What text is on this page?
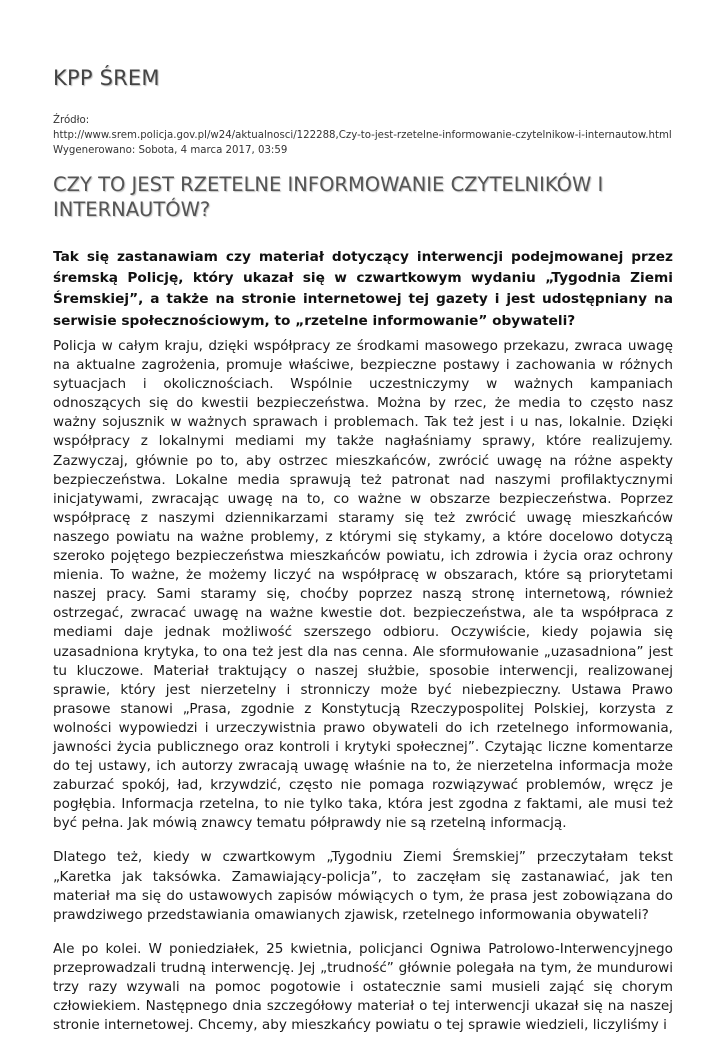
KPP ŚREM
Źródło:
http://www.srem.policja.gov.pl/w24/aktualnosci/122288,Czy-to-jest-rzetelne-informowanie-czytelnikow-i-internautow.html
Wygenerowano: Sobota, 4 marca 2017, 03:59
CZY TO JEST RZETELNE INFORMOWANIE CZYTELNIKÓW I INTERNAUTÓW?

Tak się zastanawiam czy materiał dotyczący interwencji podejmowanej przez śremską Policję, który ukazał się w czwartkowym wydaniu „Tygodnia Ziemi Śremskiej”, a także na stronie internetowej tej gazety i jest udostępniany na serwisie społecznościowym, to „rzetelne informowanie” obywateli?

Policja w całym kraju, dzięki współpracy ze środkami masowego przekazu, zwraca uwagę na aktualne zagrożenia, promuje właściwe, bezpieczne postawy i zachowania w różnych sytuacjach i okolicznościach. Wspólnie uczestniczymy w ważnych kampaniach odnoszących się do kwestii bezpieczeństwa. Można by rzec, że media to często nasz ważny sojusznik w ważnych sprawach i problemach. Tak też jest i u nas, lokalnie. Dzięki współpracy z lokalnymi mediami my także nagłaśniamy sprawy, które realizujemy. Zazwyczaj, głównie po to, aby ostrzec mieszkańców, zwrócić uwagę na różne aspekty bezpieczeństwa. Lokalne media sprawują też patronat nad naszymi profilaktycznymi inicjatywami, zwracając uwagę na to, co ważne w obszarze bezpieczeństwa. Poprzez współpracę z naszymi dziennikarzami staramy się też zwrócić uwagę mieszkańców naszego powiatu na ważne problemy, z którymi się stykamy, a które docelowo dotyczą szeroko pojętego bezpieczeństwa mieszkańców powiatu, ich zdrowia i życia oraz ochrony mienia. To ważne, że możemy liczyć na współpracę w obszarach, które są priorytetami naszej pracy. Sami staramy się, choćby poprzez naszą stronę internetową, również ostrzegać, zwracać uwagę na ważne kwestie dot. bezpieczeństwa, ale ta współpraca z mediami daje jednak możliwość szerszego odbioru. Oczywiście, kiedy pojawia się uzasadniona krytyka, to ona też jest dla nas cenna. Ale sformułowanie „uzasadniona” jest tu kluczowe. Materiał traktujący o naszej służbie, sposobie interwencji, realizowanej sprawie, który jest nierzetelny i stronniczy może być niebezpieczny. Ustawa Prawo prasowe stanowi „Prasa, zgodnie z Konstytucją Rzeczypospolitej Polskiej, korzysta z wolności wypowiedzi i urzeczywistnia prawo obywateli do ich rzetelnego informowania, jawności życia publicznego oraz kontroli i krytyki społecznej”. Czytając liczne komentarze do tej ustawy, ich autorzy zwracają uwagę właśnie na to, że nierzetelna informacja może zaburzać spokój, ład, krzywdzić, często nie pomaga rozwiązywać problemów, wręcz je pogłębia. Informacja rzetelna, to nie tylko taka, która jest zgodna z faktami, ale musi też być pełna. Jak mówią znawcy tematu półprawdy nie są rzetelną informacją.

Dlatego też, kiedy w czwartkowym „Tygodniu Ziemi Śremskiej” przeczytałam tekst „Karetka jak taksówka. Zamawiający-policja”, to zaczęłam się zastanawiać, jak ten materiał ma się do ustawowych zapisów mówiących o tym, że prasa jest zobowiązana do prawdziwego przedstawiania omawianych zjawisk, rzetelnego informowania obywateli?

Ale po kolei. W poniedziałek, 25 kwietnia, policjanci Ogniwa Patrolowo-Interwencyjnego przeprowadzali trudną interwencję. Jej „trudność” głównie polegała na tym, że mundurowi trzy razy wzywali na pomoc pogotowie i ostatecznie sami musieli zająć się chorym człowiekiem. Następnego dnia szczegółowy materiał o tej interwencji ukazał się na naszej stronie internetowej. Chcemy, aby mieszkańcy powiatu o tej sprawie wiedzieli, liczyliśmy i
